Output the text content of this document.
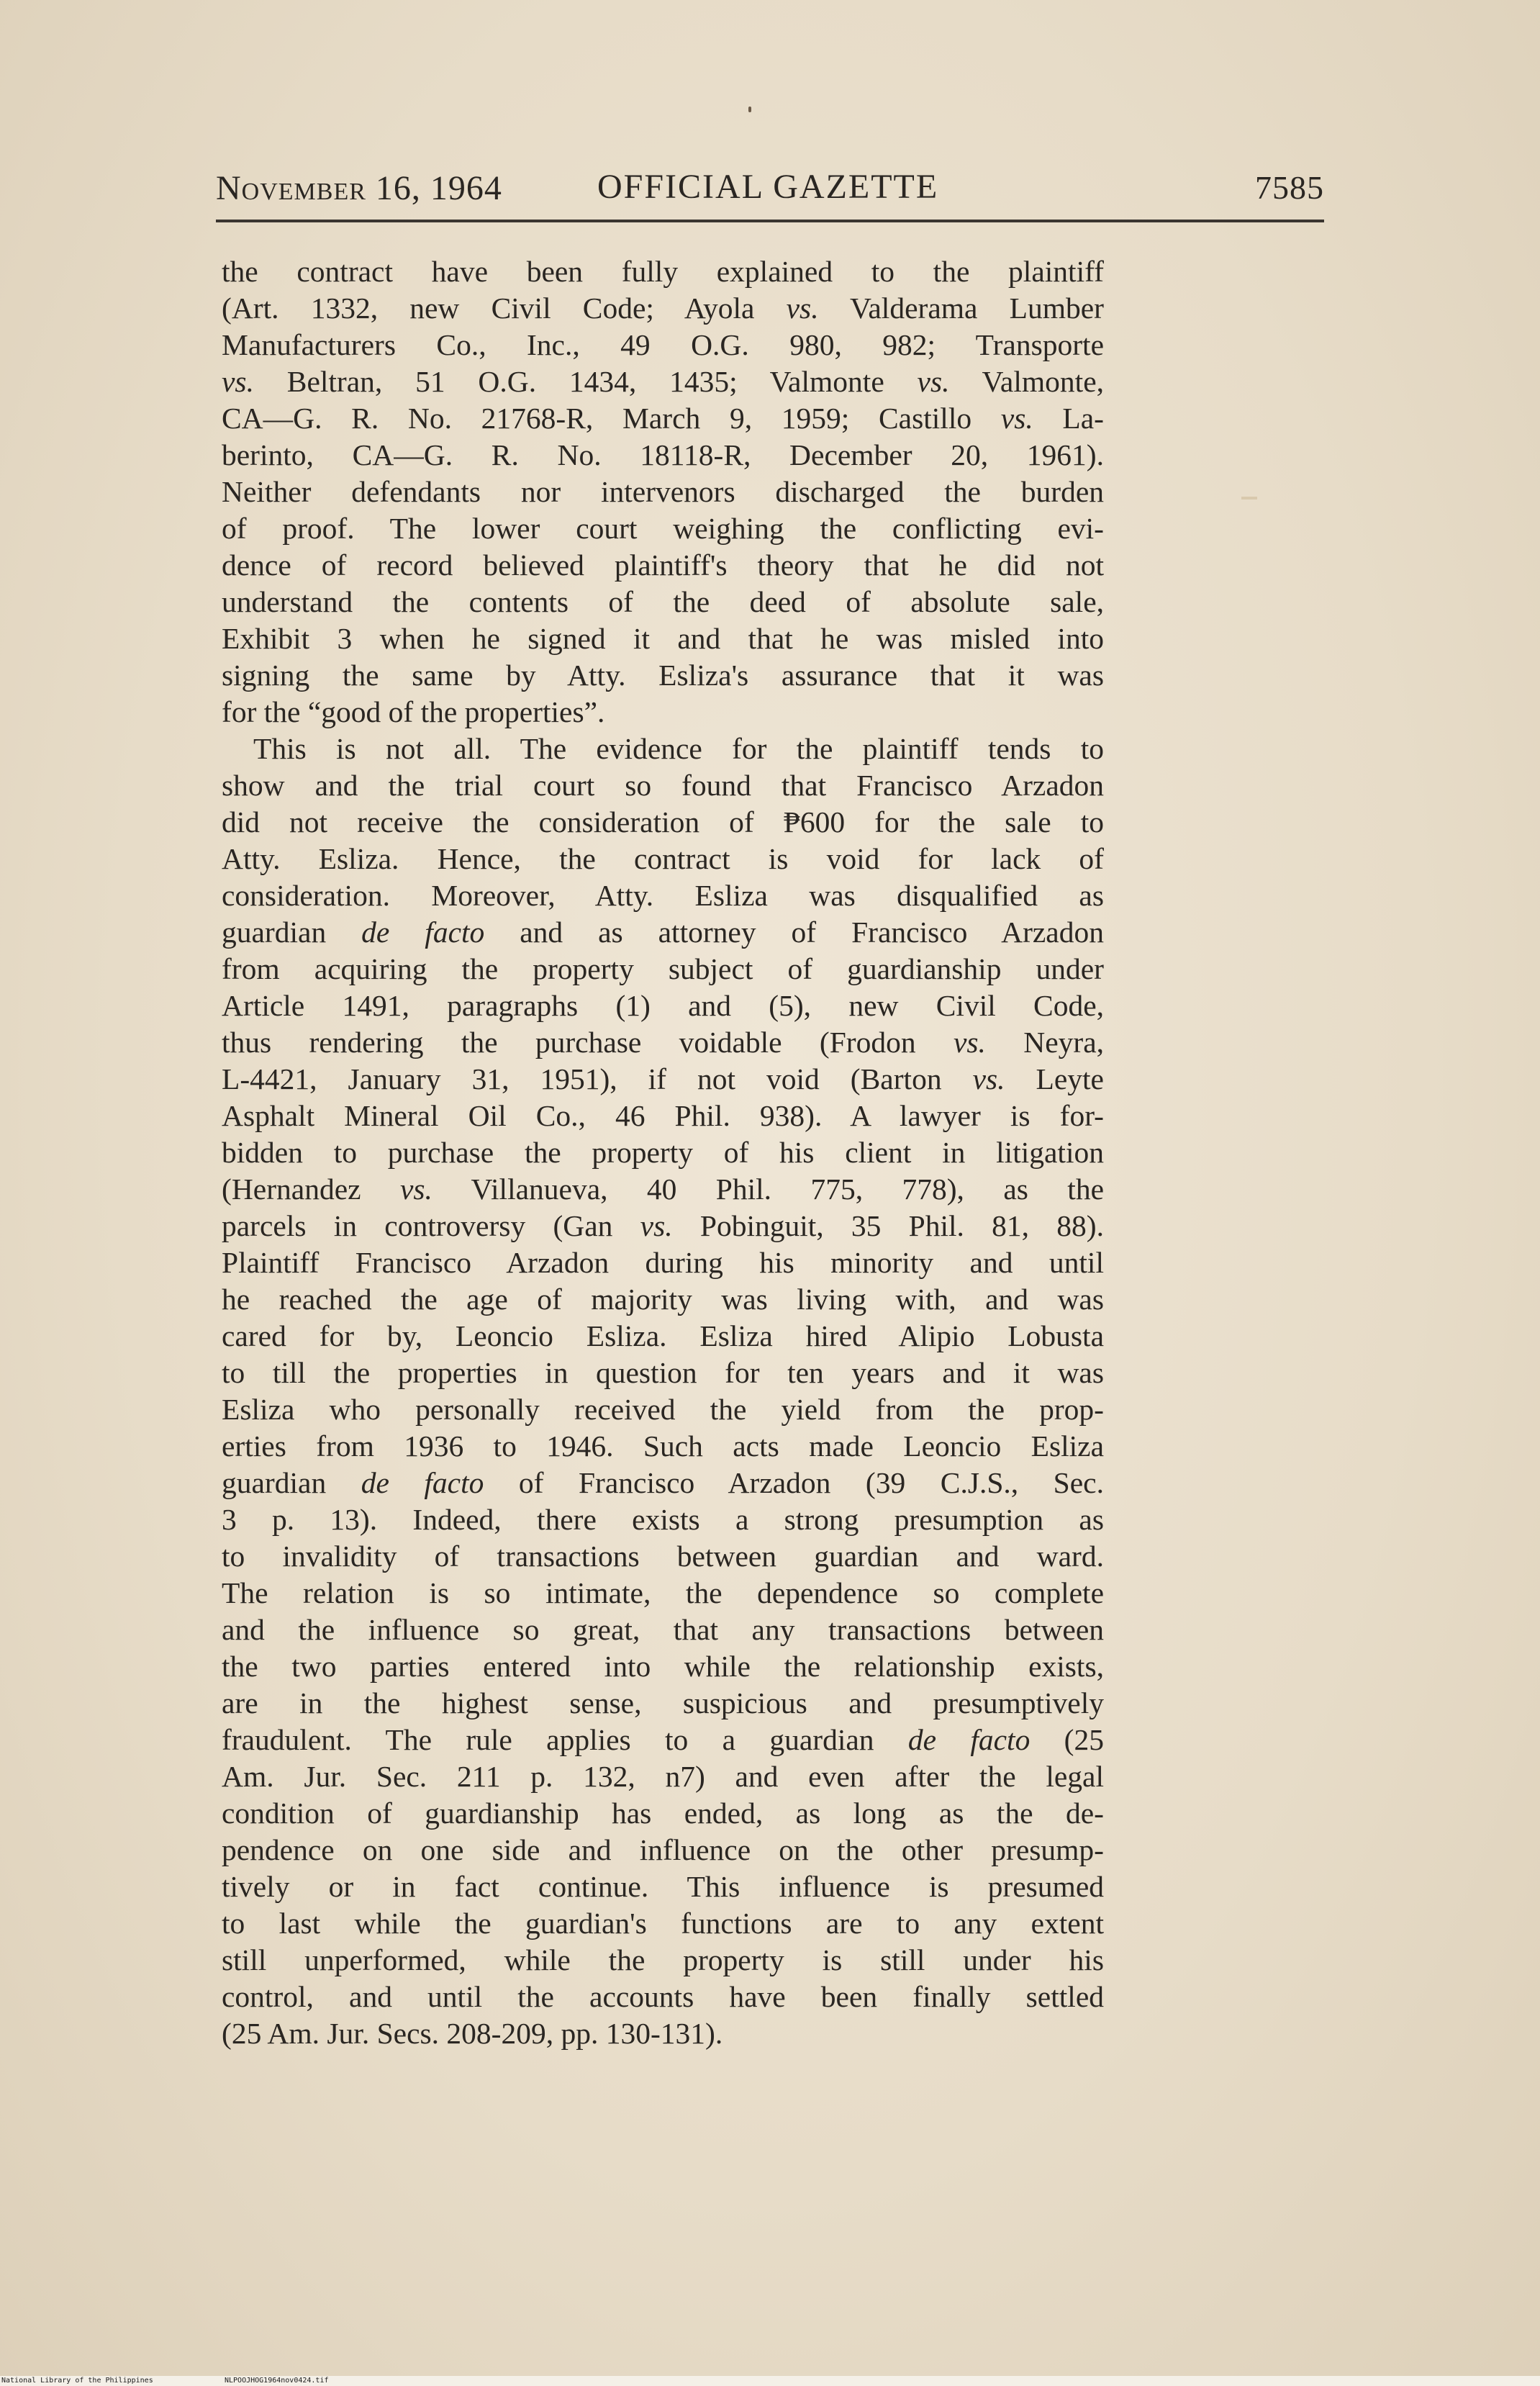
November 16, 1964	OFFICIAL GAZETTE	7585
the contract have been fully explained to the plaintiff
(Art. 1332, new Civil Code; Ayola vs. Valderama Lumber
Manufacturers Co., Inc., 49 O.G. 980, 982; Transporte
vs. Beltran, 51 O.G. 1434, 1435; Valmonte vs. Valmonte,
CA—G. R. No. 21768-R, March 9, 1959; Castillo vs. La-
berinto, CA—G. R. No. 18118-R, December 20, 1961).
Neither defendants nor intervenors discharged the burden
of proof. The lower court weighing the conflicting evi-
dence of record believed plaintiff's theory that he did not
understand the contents of the deed of absolute sale,
Exhibit 3 when he signed it and that he was misled into
signing the same by Atty. Esliza's assurance that it was
for the “good of the properties”.
This is not all. The evidence for the plaintiff tends to
show and the trial court so found that Francisco Arzadon
did not receive the consideration of ₱600 for the sale to
Atty. Esliza. Hence, the contract is void for lack of
consideration. Moreover, Atty. Esliza was disqualified as
guardian de facto and as attorney of Francisco Arzadon
from acquiring the property subject of guardianship under
Article 1491, paragraphs (1) and (5), new Civil Code,
thus rendering the purchase voidable (Frodon vs. Neyra,
L-4421, January 31, 1951), if not void (Barton vs. Leyte
Asphalt Mineral Oil Co., 46 Phil. 938). A lawyer is for-
bidden to purchase the property of his client in litigation
(Hernandez vs. Villanueva, 40 Phil. 775, 778), as the
parcels in controversy (Gan vs. Pobinguit, 35 Phil. 81, 88).
Plaintiff Francisco Arzadon during his minority and until
he reached the age of majority was living with, and was
cared for by, Leoncio Esliza. Esliza hired Alipio Lobusta
to till the properties in question for ten years and it was
Esliza who personally received the yield from the prop-
erties from 1936 to 1946. Such acts made Leoncio Esliza
guardian de facto of Francisco Arzadon (39 C.J.S., Sec.
3 p. 13). Indeed, there exists a strong presumption as
to invalidity of transactions between guardian and ward.
The relation is so intimate, the dependence so complete
and the influence so great, that any transactions between
the two parties entered into while the relationship exists,
are in the highest sense, suspicious and presumptively
fraudulent. The rule applies to a guardian de facto (25
Am. Jur. Sec. 211 p. 132, n7) and even after the legal
condition of guardianship has ended, as long as the de-
pendence on one side and influence on the other presump-
tively or in fact continue. This influence is presumed
to last while the guardian's functions are to any extent
still unperformed, while the property is still under his
control, and until the accounts have been finally settled
(25 Am. Jur. Secs. 208-209, pp. 130-131).
National Library of the Philippines	NLPOOJHOG1964nov0424.tif
